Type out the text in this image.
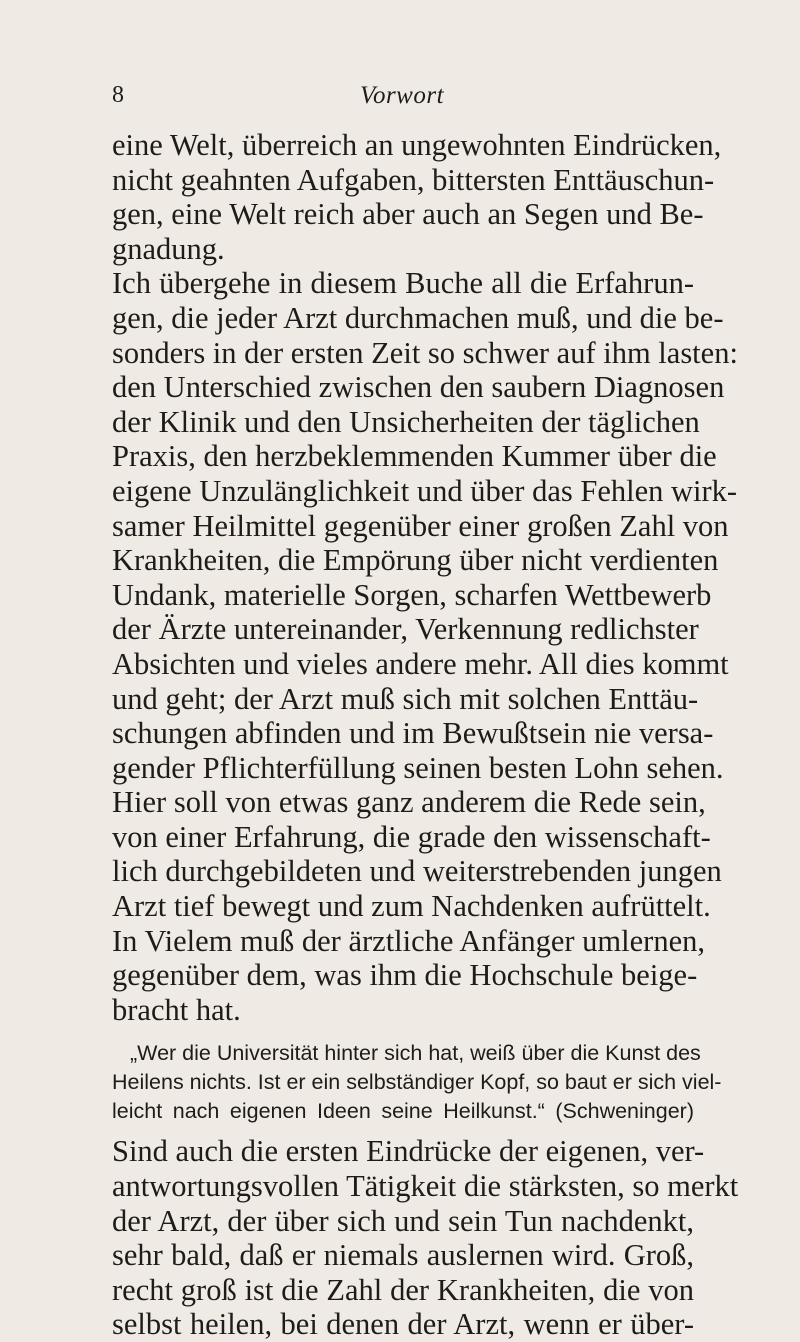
8	Vorwort
eine Welt, überreich an ungewohnten Eindrücken,
nicht geahnten Aufgaben, bittersten Enttäuschun-
gen, eine Welt reich aber auch an Segen und Be-
gnadung.
Ich übergehe in diesem Buche all die Erfahrun-
gen, die jeder Arzt durchmachen muß, und die be-
sonders in der ersten Zeit so schwer auf ihm lasten:
den Unterschied zwischen den saubern Diagnosen
der Klinik und den Unsicherheiten der täglichen
Praxis, den herzbeklemmenden Kummer über die
eigene Unzulänglichkeit und über das Fehlen wirk-
samer Heilmittel gegenüber einer großen Zahl von
Krankheiten, die Empörung über nicht verdienten
Undank, materielle Sorgen, scharfen Wettbewerb
der Ärzte untereinander, Verkennung redlichster
Absichten und vieles andere mehr. All dies kommt
und geht; der Arzt muß sich mit solchen Enttäu-
schungen abfinden und im Bewußtsein nie versa-
gender Pflichterfüllung seinen besten Lohn sehen.
Hier soll von etwas ganz anderem die Rede sein,
von einer Erfahrung, die grade den wissenschaft-
lich durchgebildeten und weiterstrebenden jungen
Arzt tief bewegt und zum Nachdenken aufrüttelt.
In Vielem muß der ärztliche Anfänger umlernen,
gegenüber dem, was ihm die Hochschule beige-
bracht hat.
„Wer die Universität hinter sich hat, weiß über die Kunst des
Heilens nichts. Ist er ein selbständiger Kopf, so baut er sich viel-
leicht nach eigenen Ideen seine Heilkunst.“ (Schweninger)
Sind auch die ersten Eindrücke der eigenen, ver-
antwortungsvollen Tätigkeit die stärksten, so merkt
der Arzt, der über sich und sein Tun nachdenkt,
sehr bald, daß er niemals auslernen wird. Groß,
recht groß ist die Zahl der Krankheiten, die von
selbst heilen, bei denen der Arzt, wenn er über-
